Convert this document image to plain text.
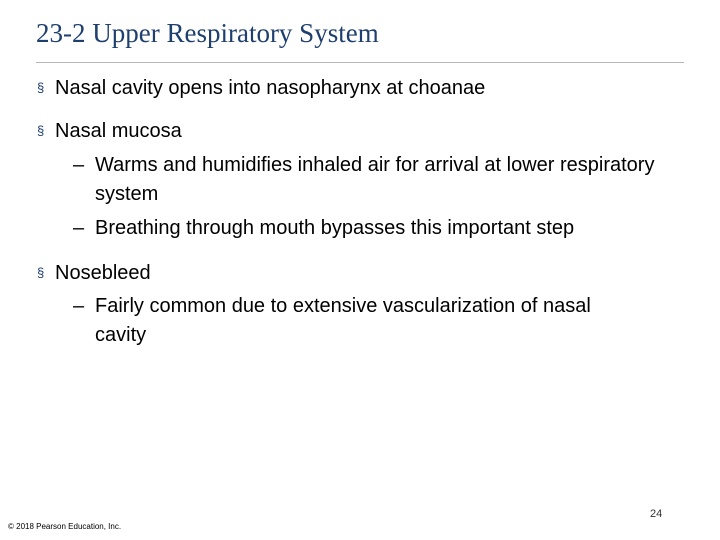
23-2 Upper Respiratory System
§ Nasal cavity opens into nasopharynx at choanae
§ Nasal mucosa
– Warms and humidifies inhaled air for arrival at lower respiratory system
– Breathing through mouth bypasses this important step
§ Nosebleed
– Fairly common due to extensive vascularization of nasal cavity
24
© 2018 Pearson Education, Inc.
